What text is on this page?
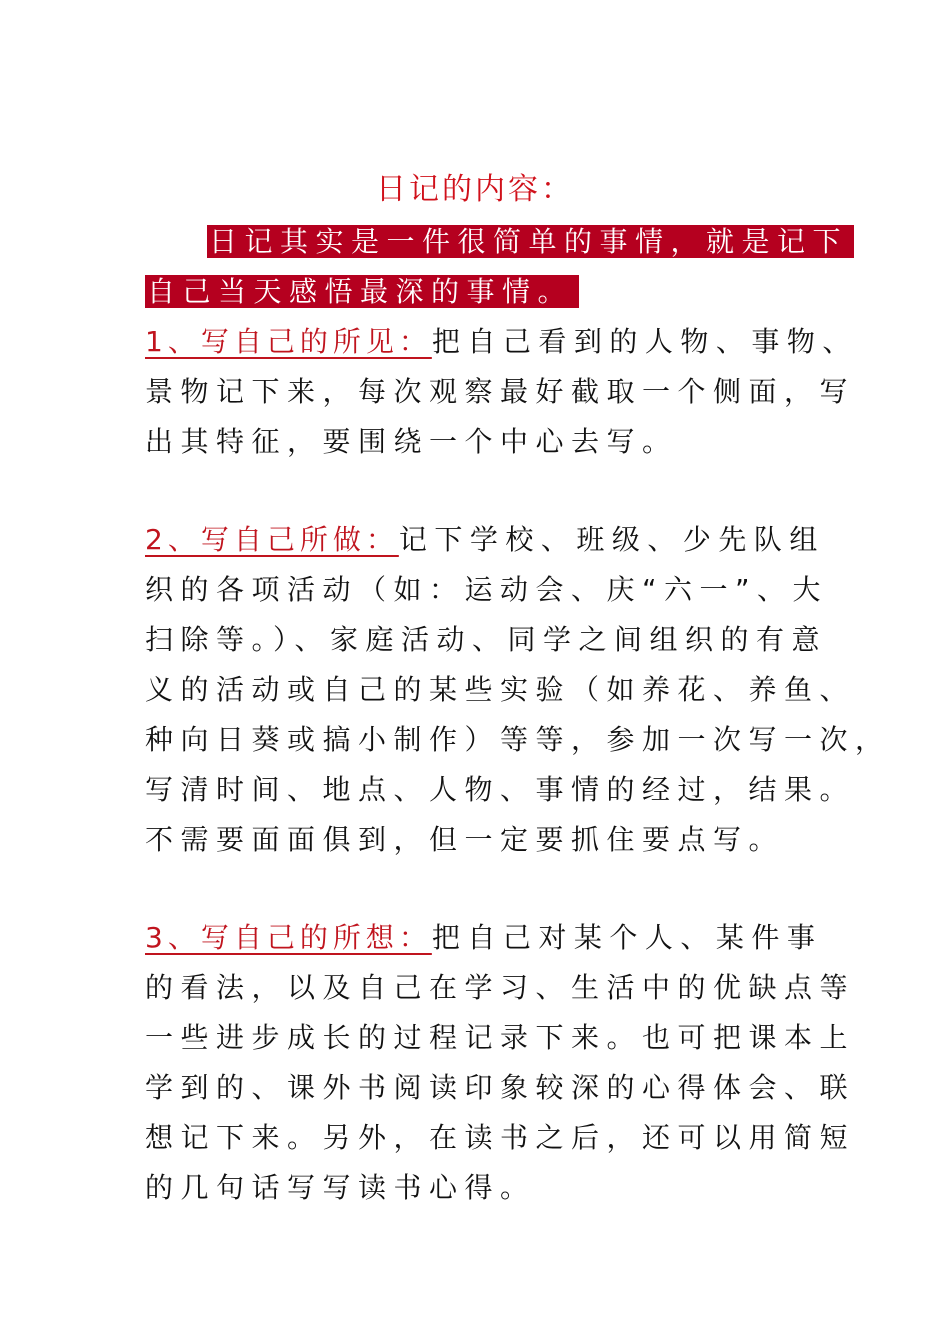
日记的内容：
日记其实是一件很简单的事情，就是记下
自己当天感悟最深的事情。
1、写自己的所见：把自己看到的人物、事物、
景物记下来，每次观察最好截取一个侧面，写
出其特征，要围绕一个中心去写。
2、写自己所做：记下学校、班级、少先队组
织的各项活动（如：运动会、庆“六一”、大
扫除等。）、家庭活动、同学之间组织的有意
义的活动或自己的某些实验（如养花、养鱼、
种向日葵或搞小制作）等等，参加一次写一次，
写清时间、地点、人物、事情的经过，结果。
不需要面面俱到，但一定要抓住要点写。
3、写自己的所想：把自己对某个人、某件事
的看法，以及自己在学习、生活中的优缺点等
一些进步成长的过程记录下来。也可把课本上
学到的、课外书阅读印象较深的心得体会、联
想记下来。另外，在读书之后，还可以用简短
的几句话写写读书心得。
